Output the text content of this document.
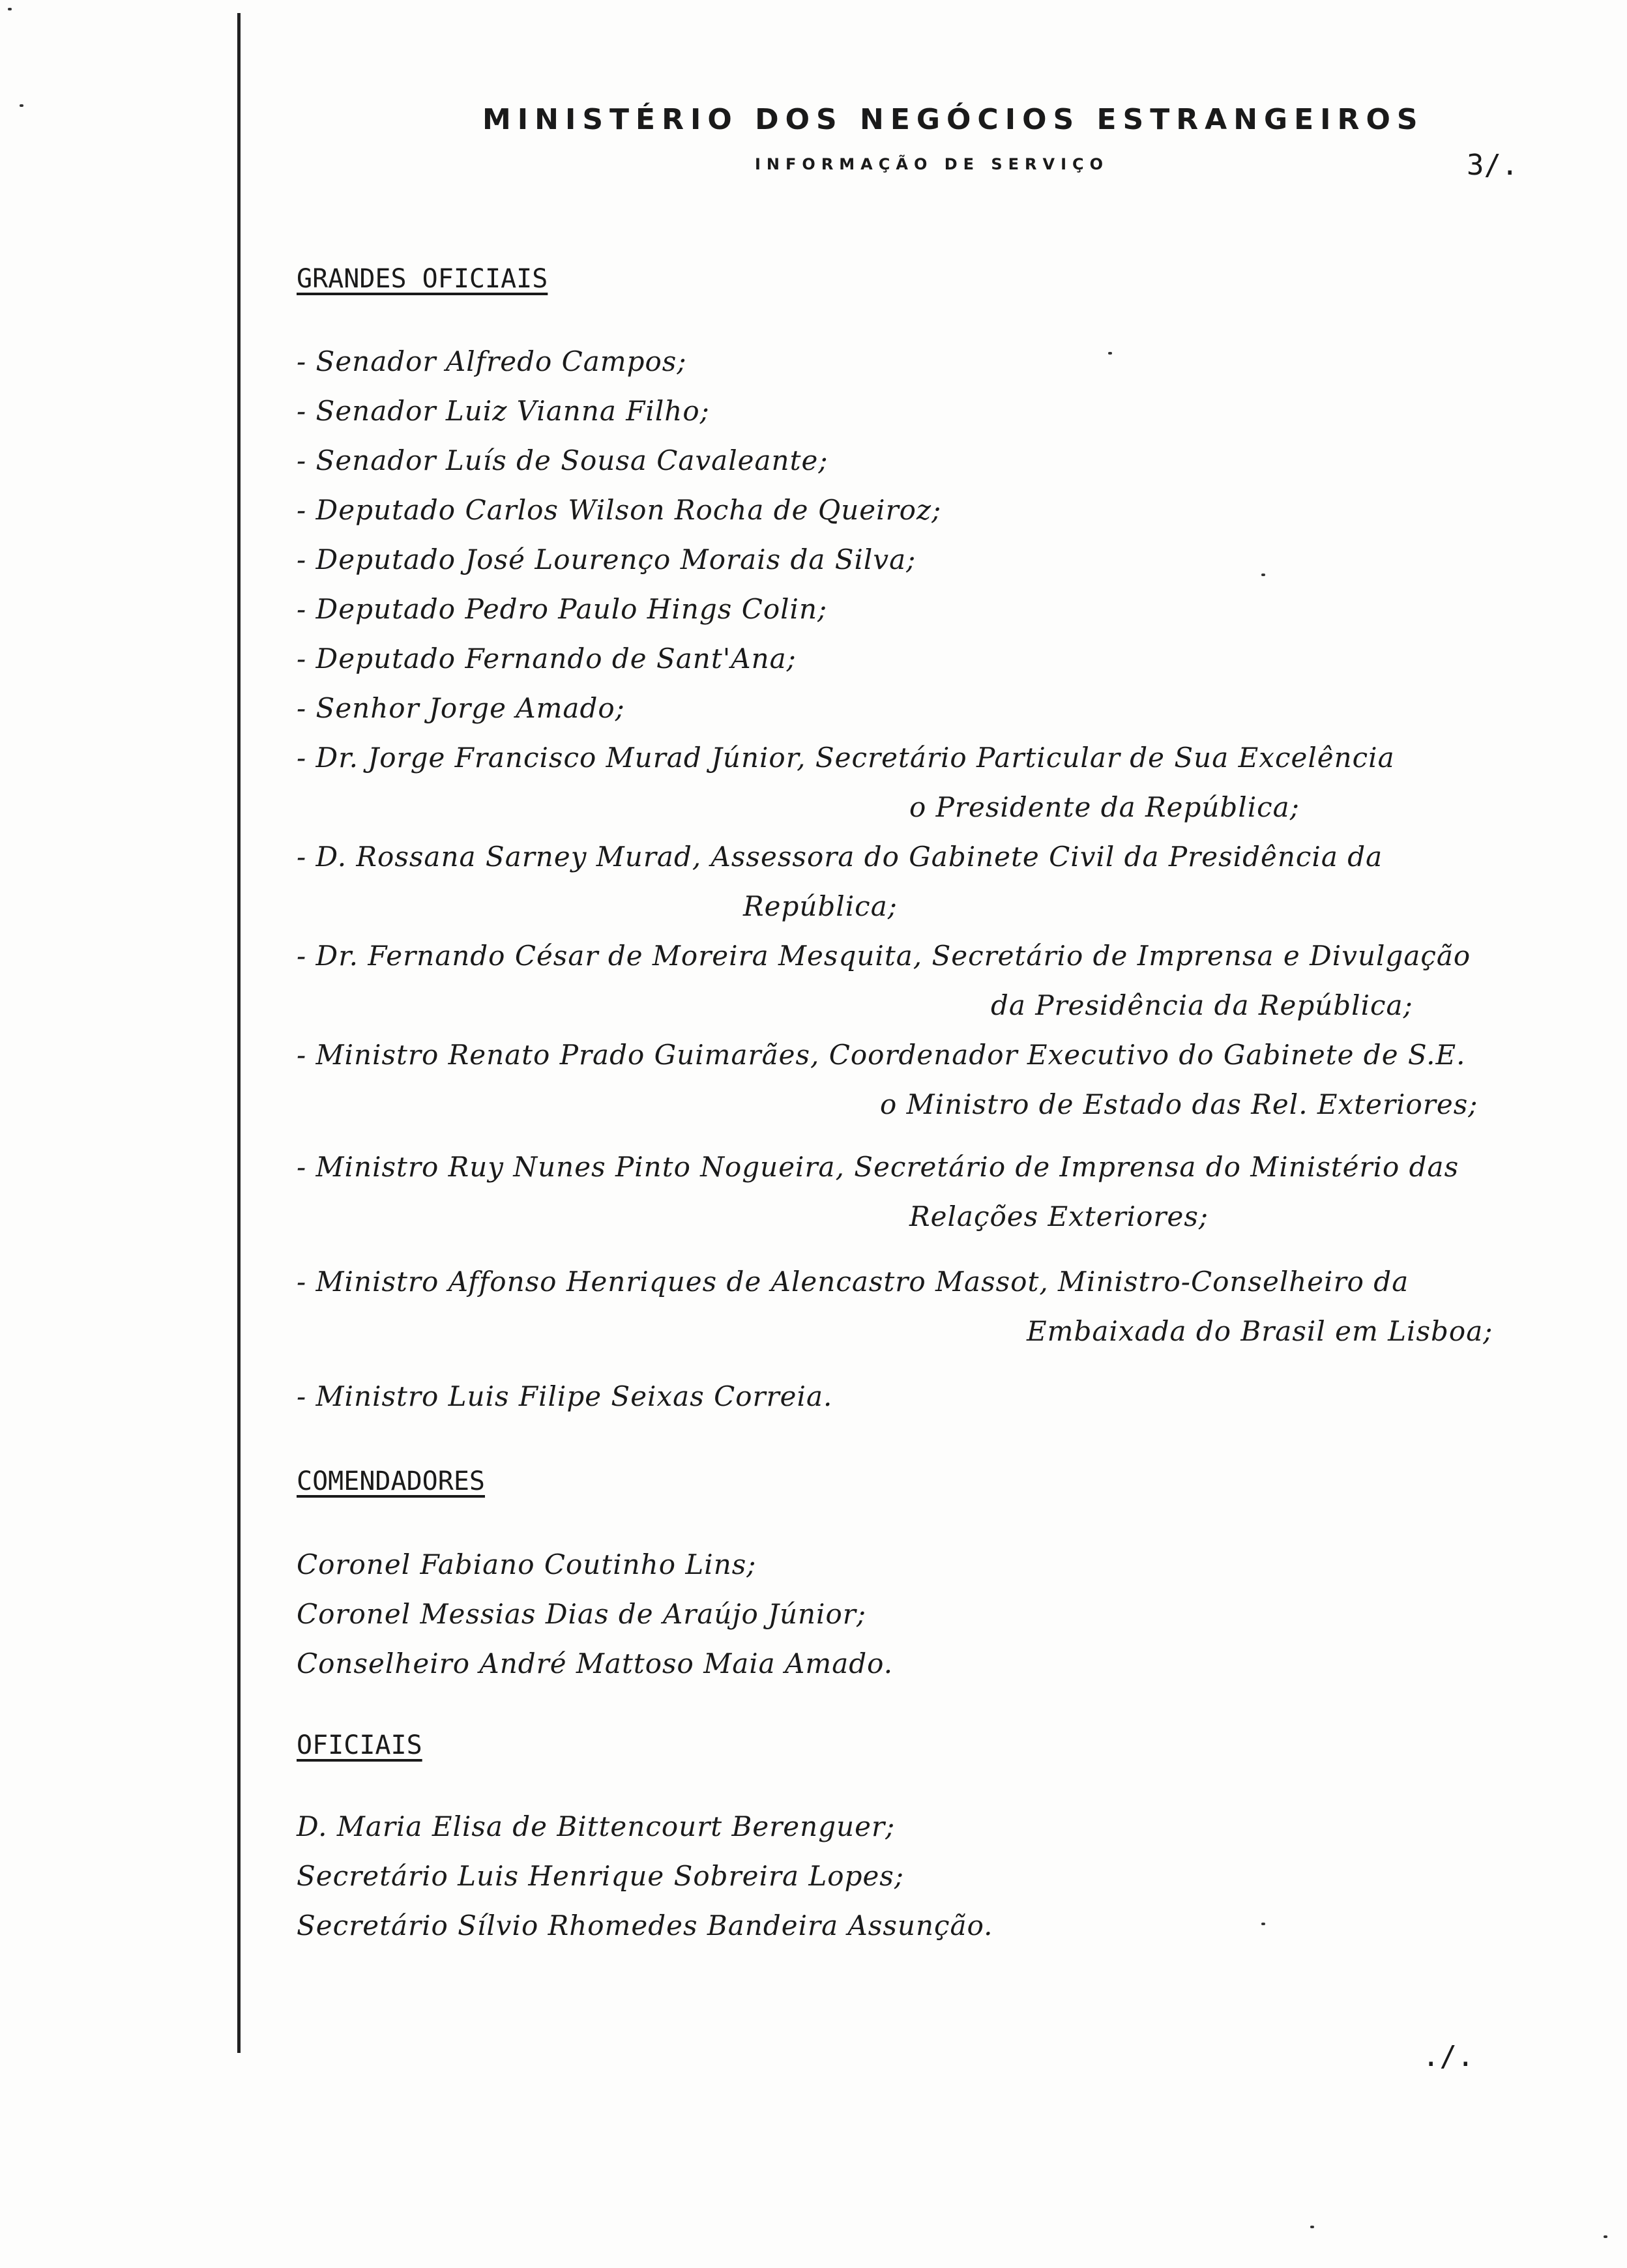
MINISTÉRIO DOS NEGÓCIOS ESTRANGEIROS
INFORMAÇÃO DE SERVIÇO	3/.
GRANDES OFICIAIS
- Senador Alfredo Campos;
- Senador Luiz Vianna Filho;
- Senador Luís de Sousa Cavaleante;
- Deputado Carlos Wilson Rocha de Queiroz;
- Deputado José Lourenço Morais da Silva;
- Deputado Pedro Paulo Hings Colin;
- Deputado Fernando de Sant'Ana;
- Senhor Jorge Amado;
- Dr. Jorge Francisco Murad Júnior, Secretário Particular de Sua Excelência
o Presidente da República;
- D. Rossana Sarney Murad, Assessora do Gabinete Civil da Presidência da
República;
- Dr. Fernando César de Moreira Mesquita, Secretário de Imprensa e Divulgação
da Presidência da República;
- Ministro Renato Prado Guimarães, Coordenador Executivo do Gabinete de S.E.
o Ministro de Estado das Rel. Exteriores;
- Ministro Ruy Nunes Pinto Nogueira, Secretário de Imprensa do Ministério das
Relações Exteriores;
- Ministro Affonso Henriques de Alencastro Massot, Ministro-Conselheiro da
Embaixada do Brasil em Lisboa;
- Ministro Luis Filipe Seixas Correia.
COMENDADORES
Coronel Fabiano Coutinho Lins;
Coronel Messias Dias de Araújo Júnior;
Conselheiro André Mattoso Maia Amado.
OFICIAIS
D. Maria Elisa de Bittencourt Berenguer;
Secretário Luis Henrique Sobreira Lopes;
Secretário Sílvio Rhomedes Bandeira Assunção.
./.
